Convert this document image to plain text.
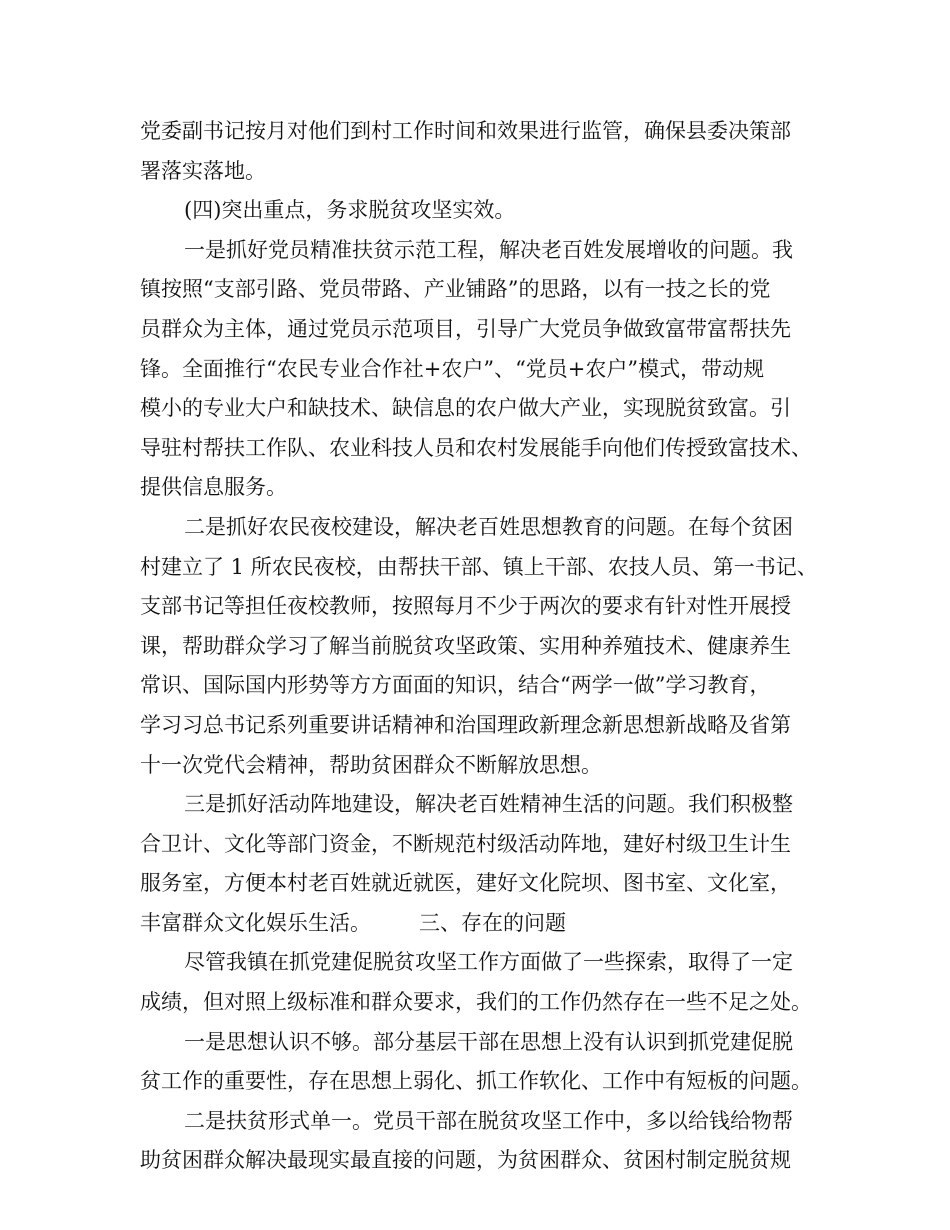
党委副书记按月对他们到村工作时间和效果进行监管，确保县委决策部
署落实落地。
(四)突出重点，务求脱贫攻坚实效。
一是抓好党员精准扶贫示范工程，解决老百姓发展增收的问题。我
镇按照“支部引路、党员带路、产业铺路”的思路，以有一技之长的党
员群众为主体，通过党员示范项目，引导广大党员争做致富带富帮扶先
锋。全面推行“农民专业合作社+农户”、“党员+农户”模式，带动规
模小的专业大户和缺技术、缺信息的农户做大产业，实现脱贫致富。引
导驻村帮扶工作队、农业科技人员和农村发展能手向他们传授致富技术、
提供信息服务。
二是抓好农民夜校建设，解决老百姓思想教育的问题。在每个贫困
村建立了 1 所农民夜校，由帮扶干部、镇上干部、农技人员、第一书记、
支部书记等担任夜校教师，按照每月不少于两次的要求有针对性开展授
课，帮助群众学习了解当前脱贫攻坚政策、实用种养殖技术、健康养生
常识、国际国内形势等方方面面的知识，结合“两学一做”学习教育，
学习习总书记系列重要讲话精神和治国理政新理念新思想新战略及省第
十一次党代会精神，帮助贫困群众不断解放思想。
三是抓好活动阵地建设，解决老百姓精神生活的问题。我们积极整
合卫计、文化等部门资金，不断规范村级活动阵地，建好村级卫生计生
服务室，方便本村老百姓就近就医，建好文化院坝、图书室、文化室，
丰富群众文化娱乐生活。 三、存在的问题
尽管我镇在抓党建促脱贫攻坚工作方面做了一些探索，取得了一定
成绩，但对照上级标准和群众要求，我们的工作仍然存在一些不足之处。
一是思想认识不够。部分基层干部在思想上没有认识到抓党建促脱
贫工作的重要性，存在思想上弱化、抓工作软化、工作中有短板的问题。
二是扶贫形式单一。党员干部在脱贫攻坚工作中，多以给钱给物帮
助贫困群众解决最现实最直接的问题，为贫困群众、贫困村制定脱贫规
